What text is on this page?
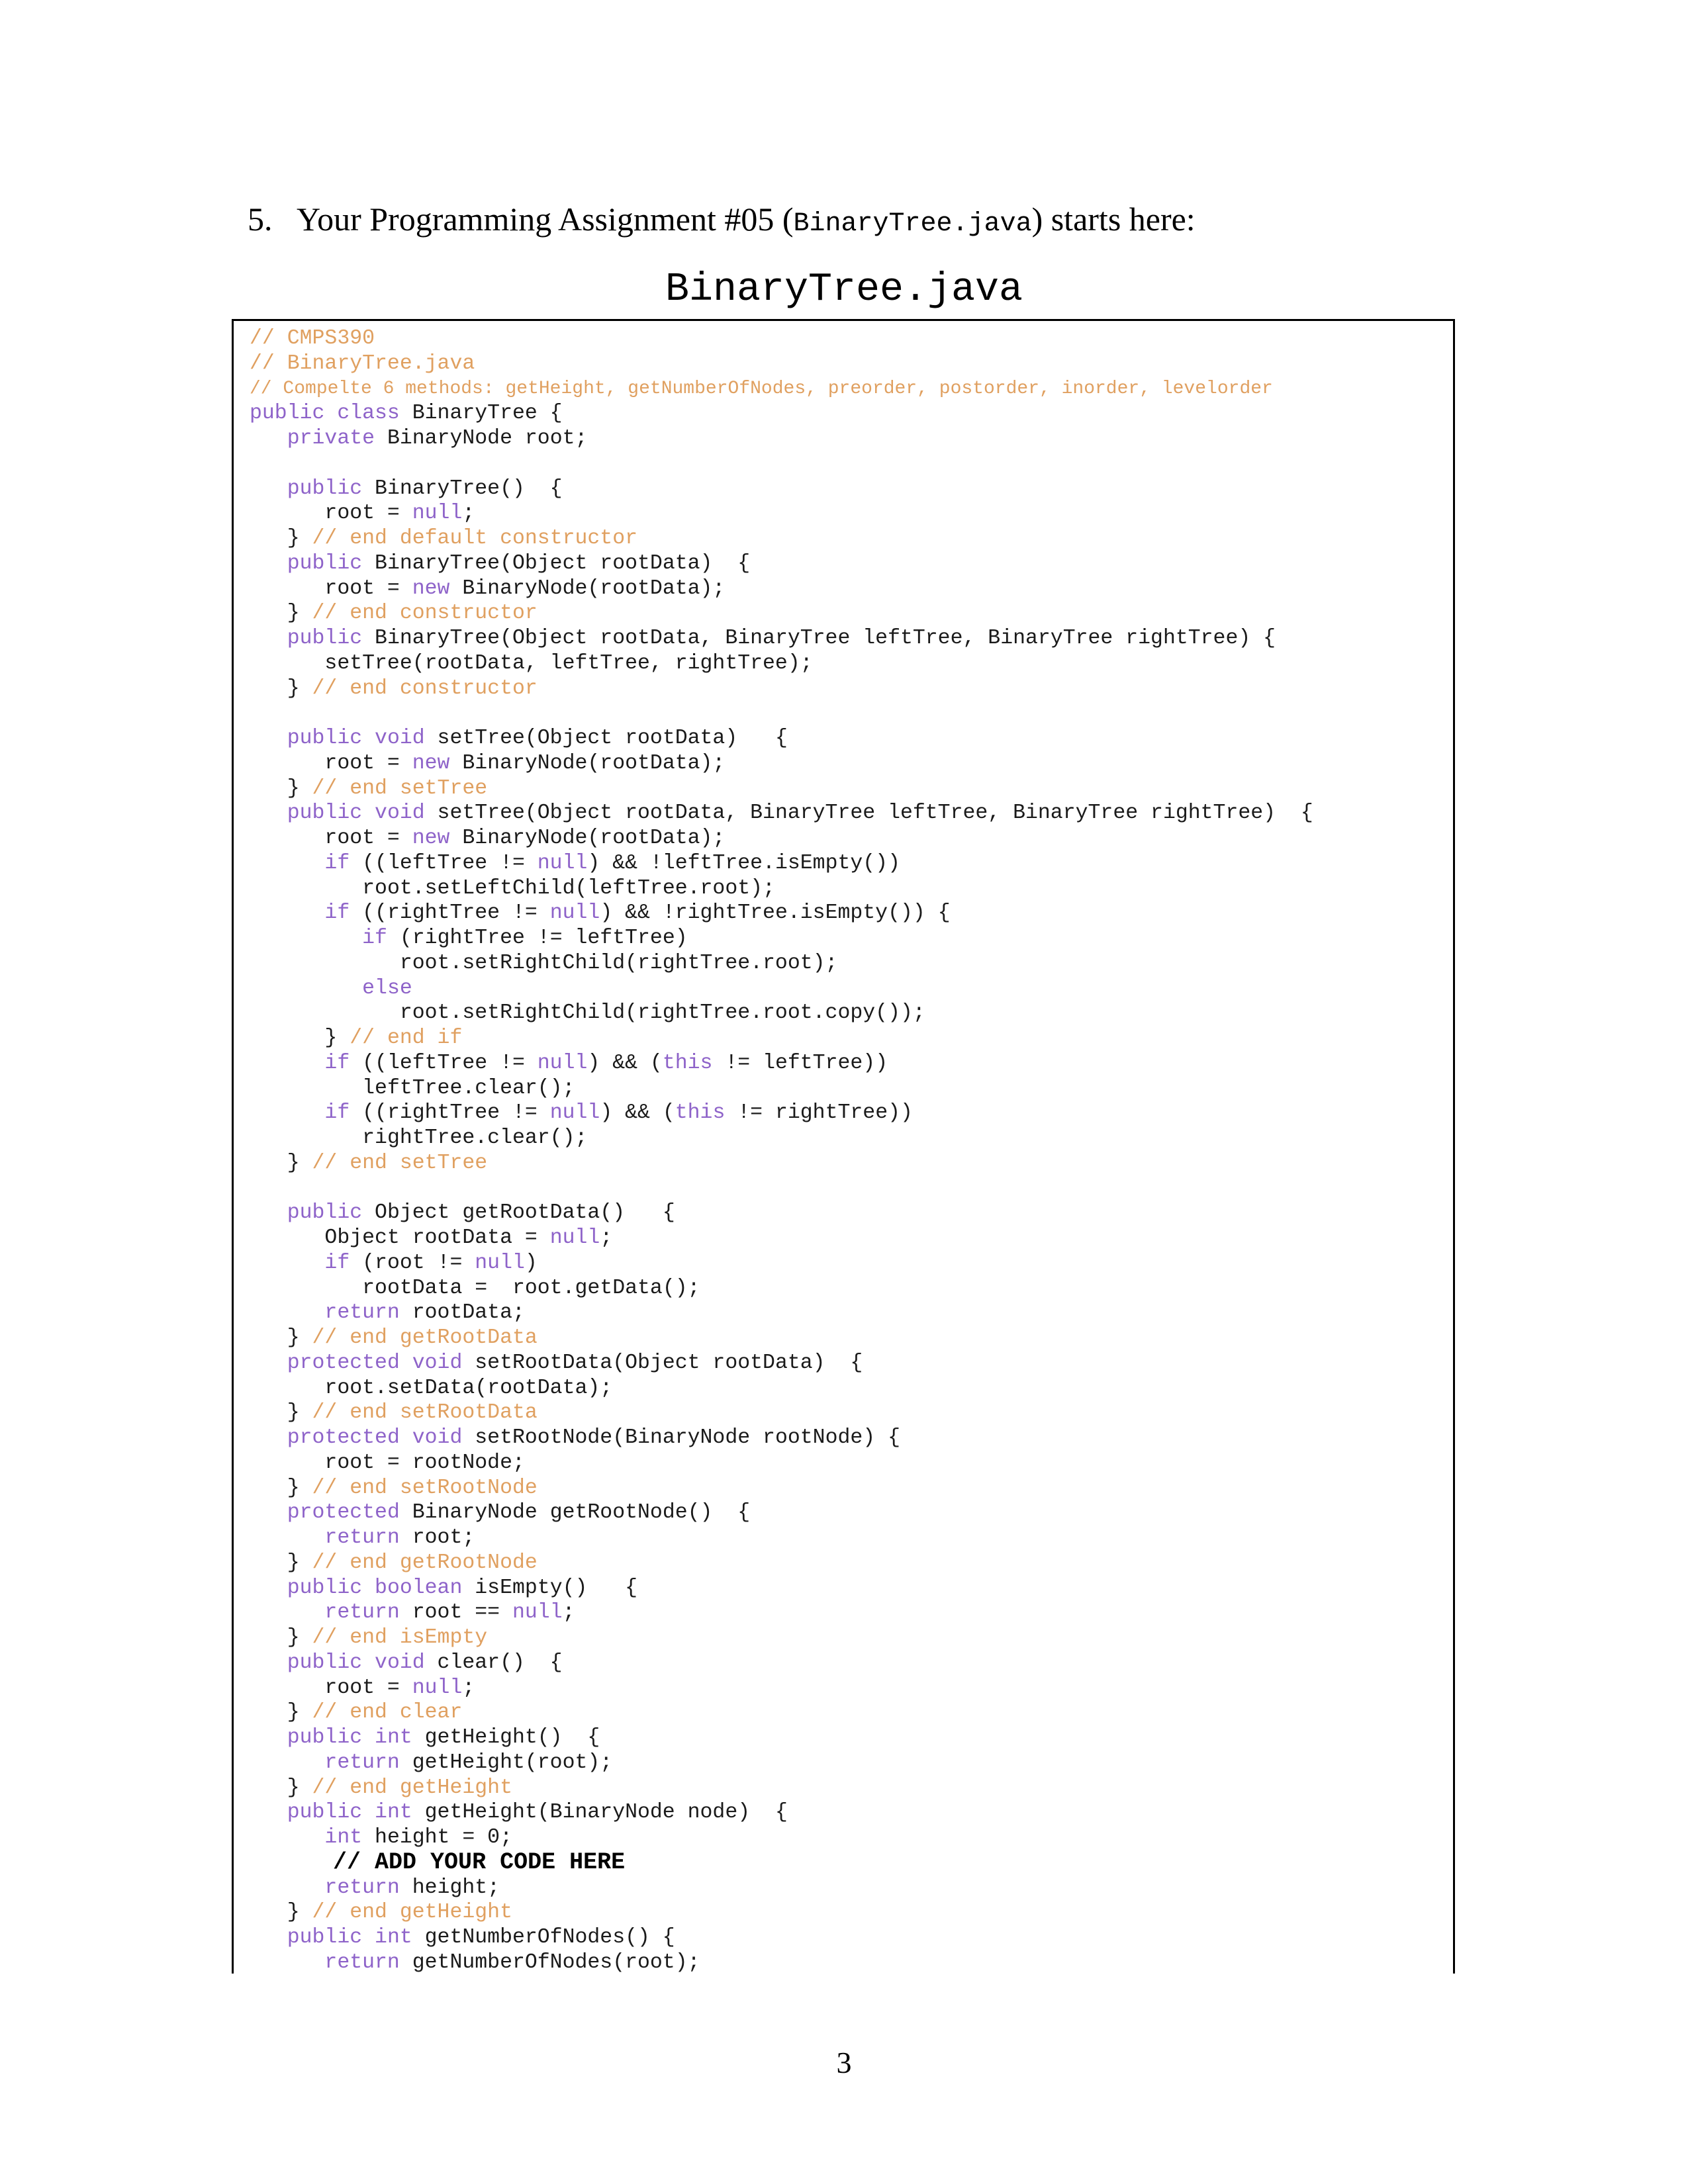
5. Your Programming Assignment #05 (BinaryTree.java) starts here:
BinaryTree.java
// CMPS390
// BinaryTree.java
// Compelte 6 methods: getHeight, getNumberOfNodes, preorder, postorder, inorder, levelorder
public class BinaryTree {
private BinaryNode root;
public BinaryTree()  {
root = null;
} // end default constructor
public BinaryTree(Object rootData)  {
root = new BinaryNode(rootData);
} // end constructor
public BinaryTree(Object rootData, BinaryTree leftTree, BinaryTree rightTree) {
setTree(rootData, leftTree, rightTree);
} // end constructor
public void setTree(Object rootData)   {
root = new BinaryNode(rootData);
} // end setTree
public void setTree(Object rootData, BinaryTree leftTree, BinaryTree rightTree)  {
root = new BinaryNode(rootData);
if ((leftTree != null) && !leftTree.isEmpty())
root.setLeftChild(leftTree.root);
if ((rightTree != null) && !rightTree.isEmpty()) {
if (rightTree != leftTree)
root.setRightChild(rightTree.root);
else
root.setRightChild(rightTree.root.copy());
} // end if
if ((leftTree != null) && (this != leftTree))
leftTree.clear();
if ((rightTree != null) && (this != rightTree))
rightTree.clear();
} // end setTree
public Object getRootData()   {
Object rootData = null;
if (root != null)
rootData =  root.getData();
return rootData;
} // end getRootData
protected void setRootData(Object rootData)  {
root.setData(rootData);
} // end setRootData
protected void setRootNode(BinaryNode rootNode) {
root = rootNode;
} // end setRootNode
protected BinaryNode getRootNode()  {
return root;
} // end getRootNode
public boolean isEmpty()   {
return root == null;
} // end isEmpty
public void clear()  {
root = null;
} // end clear
public int getHeight()  {
return getHeight(root);
} // end getHeight
public int getHeight(BinaryNode node)  {
int height = 0;
// ADD YOUR CODE HERE
return height;
} // end getHeight
public int getNumberOfNodes() {
return getNumberOfNodes(root);
3
